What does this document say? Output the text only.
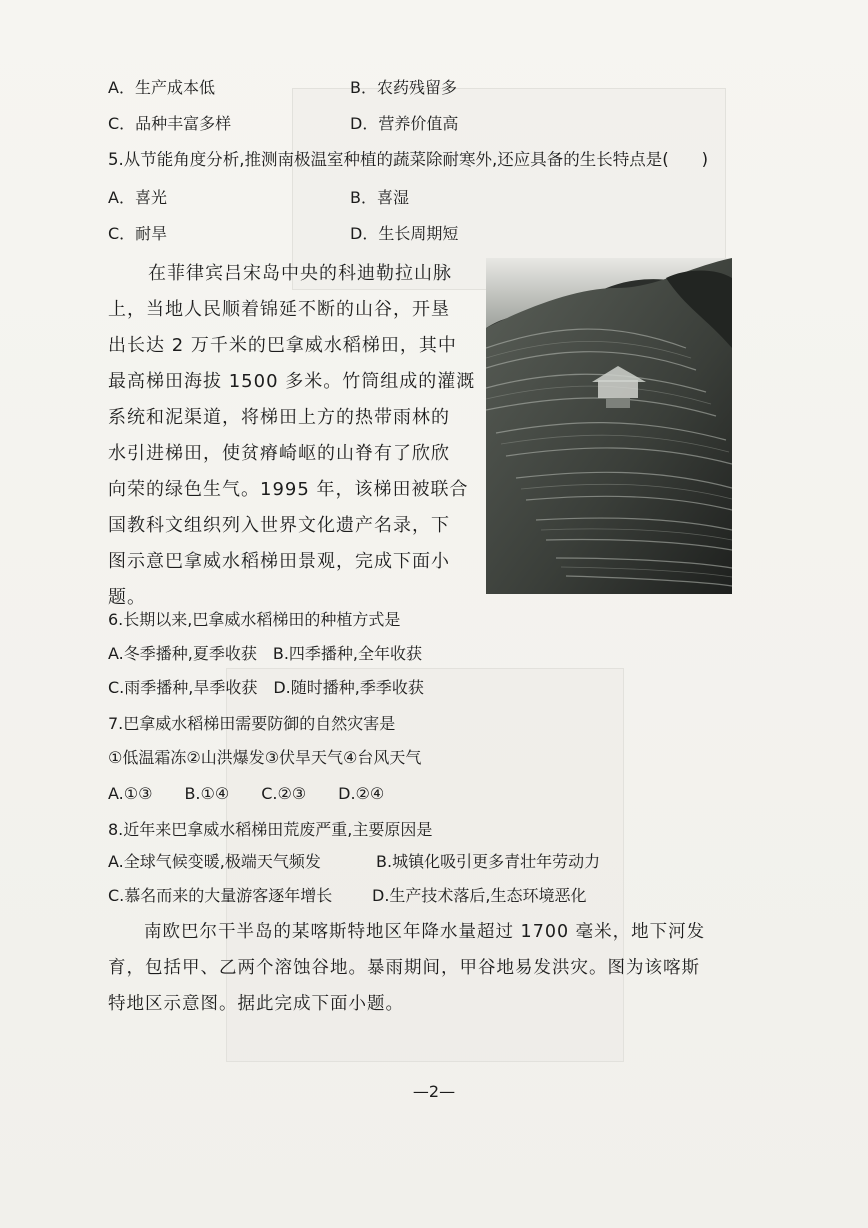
A．生产成本低	B．农药残留多
C．品种丰富多样	D．营养价值高
5.从节能角度分析,推测南极温室种植的蔬菜除耐寒外,还应具备的生长特点是(　　)
A．喜光	B．喜湿
C．耐旱	D．生长周期短
在菲律宾吕宋岛中央的科迪勒拉山脉
上，当地人民顺着锦延不断的山谷，开垦
出长达 2 万千米的巴拿威水稻梯田，其中
最高梯田海拔 1500 多米。竹筒组成的灌溉
系统和泥渠道，将梯田上方的热带雨林的
水引进梯田，使贫瘠崎岖的山脊有了欣欣
向荣的绿色生气。1995 年，该梯田被联合
国教科文组织列入世界文化遗产名录，下
图示意巴拿威水稻梯田景观，完成下面小
题。
6.长期以来,巴拿威水稻梯田的种植方式是
A.冬季播种,夏季收获　B.四季播种,全年收获
C.雨季播种,旱季收获　D.随时播种,季季收获
7.巴拿威水稻梯田需要防御的自然灾害是
①低温霜冻②山洪爆发③伏旱天气④台风天气
A.①③　　B.①④　　C.②③　　D.②④
8.近年来巴拿威水稻梯田荒废严重,主要原因是
A.全球气候变暖,极端天气频发	B.城镇化吸引更多青壮年劳动力
C.慕名而来的大量游客逐年增长 D.生产技术落后,生态环境恶化
南欧巴尔干半岛的某喀斯特地区年降水量超过 1700 毫米，地下河发
育，包括甲、乙两个溶蚀谷地。暴雨期间，甲谷地易发洪灾。图为该喀斯
特地区示意图。据此完成下面小题。
—2—
